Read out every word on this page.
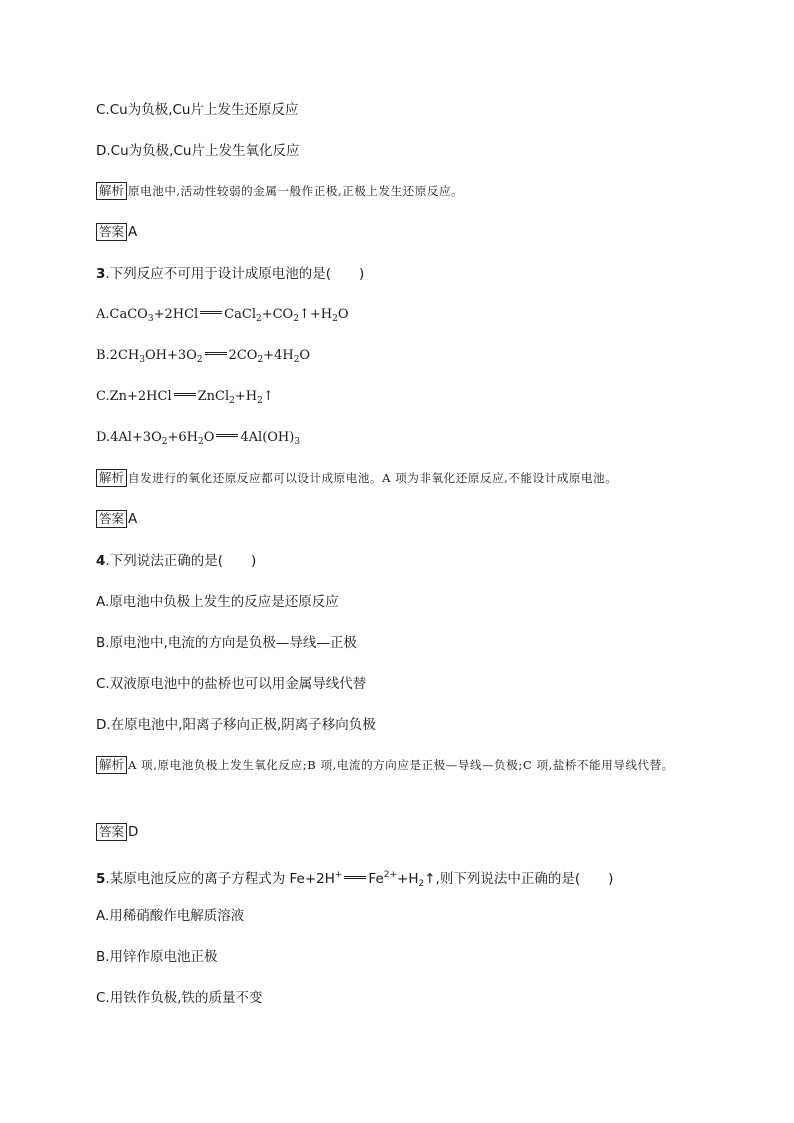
C.Cu为负极,Cu片上发生还原反应
D.Cu为负极,Cu片上发生氧化反应
解析 原电池中,活动性较弱的金属一般作正极,正极上发生还原反应。
答案 A
3.下列反应不可用于设计成原电池的是( )
A.CaCO$_3$+2HCl $CaCl_2+CO_2↑+H_2O$
$B.2CH_3OH+3O_2$ $2CO_2+4H_2O$
C.Zn+2HCl $ZnCl_2+H_2↑$
$D.4Al+3O_2+6H_2O$ $4Al(OH)_3$
解析 自发进行的氧化还原反应都可以设计成原电池。A 项为非氧化还原反应,不能设计成原电池。
答案 A
4.下列说法正确的是( )
A.原电池中负极上发生的反应是还原反应
B.原电池中,电流的方向是负极—导线—正极
C.双液原电池中的盐桥也可以用金属导线代替
D.在原电池中,阳离子移向正极,阴离子移向负极
解析 A 项,原电池负极上发生氧化反应;B 项,电流的方向应是正极—导线—负极;C 项,盐桥不能用导线代替。
答案 D
5.某原电池反应的离子方程式为 Fe+2H+ $Fe^{2+}+H_2↑$,则下列说法中正确的是( )
A.用稀硝酸作电解质溶液
B.用锌作原电池正极
C.用铁作负极,铁的质量不变
